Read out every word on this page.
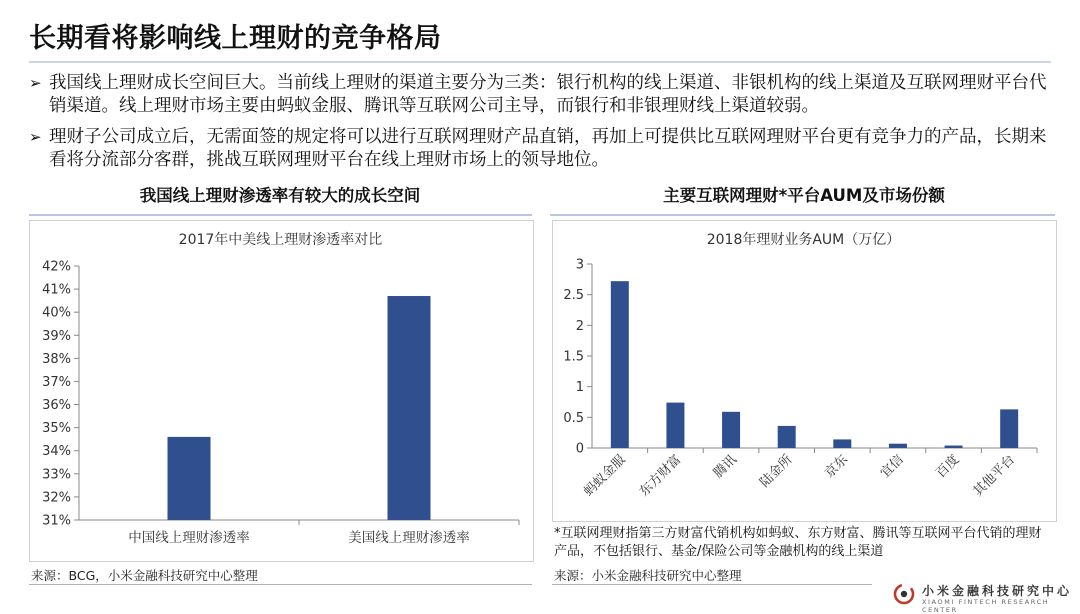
长期看将影响线上理财的竞争格局
➢ 我国线上理财成长空间巨大。当前线上理财的渠道主要分为三类：银行机构的线上渠道、非银机构的线上渠道及互联网理财平台代销渠道。线上理财市场主要由蚂蚁金服、腾讯等互联网公司主导，而银行和非银理财线上渠道较弱。
➢ 理财子公司成立后，无需面签的规定将可以进行互联网理财产品直销，再加上可提供比互联网理财平台更有竞争力的产品，长期来看将分流部分客群，挑战互联网理财平台在线上理财市场上的领导地位。
我国线上理财渗透率有较大的成长空间	主要互联网理财*平台AUM及市场份额
2017年中美线上理财渗透率对比	2018年理财业务AUM（万亿）
31%
32%
33%
34%
35%
36%
37%
38%
39%
40%
41%
42%
中国线上理财渗透率	美国线上理财渗透率
0
0.5
1
1.5
2
2.5
3
蚂蚁金服 东方财富 腾讯 陆金所 京东 宜信 百度 其他平台
*互联网理财指第三方财富代销机构如蚂蚁、东方财富、腾讯等互联网平台代销的理财产品，不包括银行、基金/保险公司等金融机构的线上渠道
来源：BCG，小米金融科技研究中心整理	来源：小米金融科技研究中心整理
小米金融科技研究中心
XIAOMI FINTECH RESEARCH CENTER
